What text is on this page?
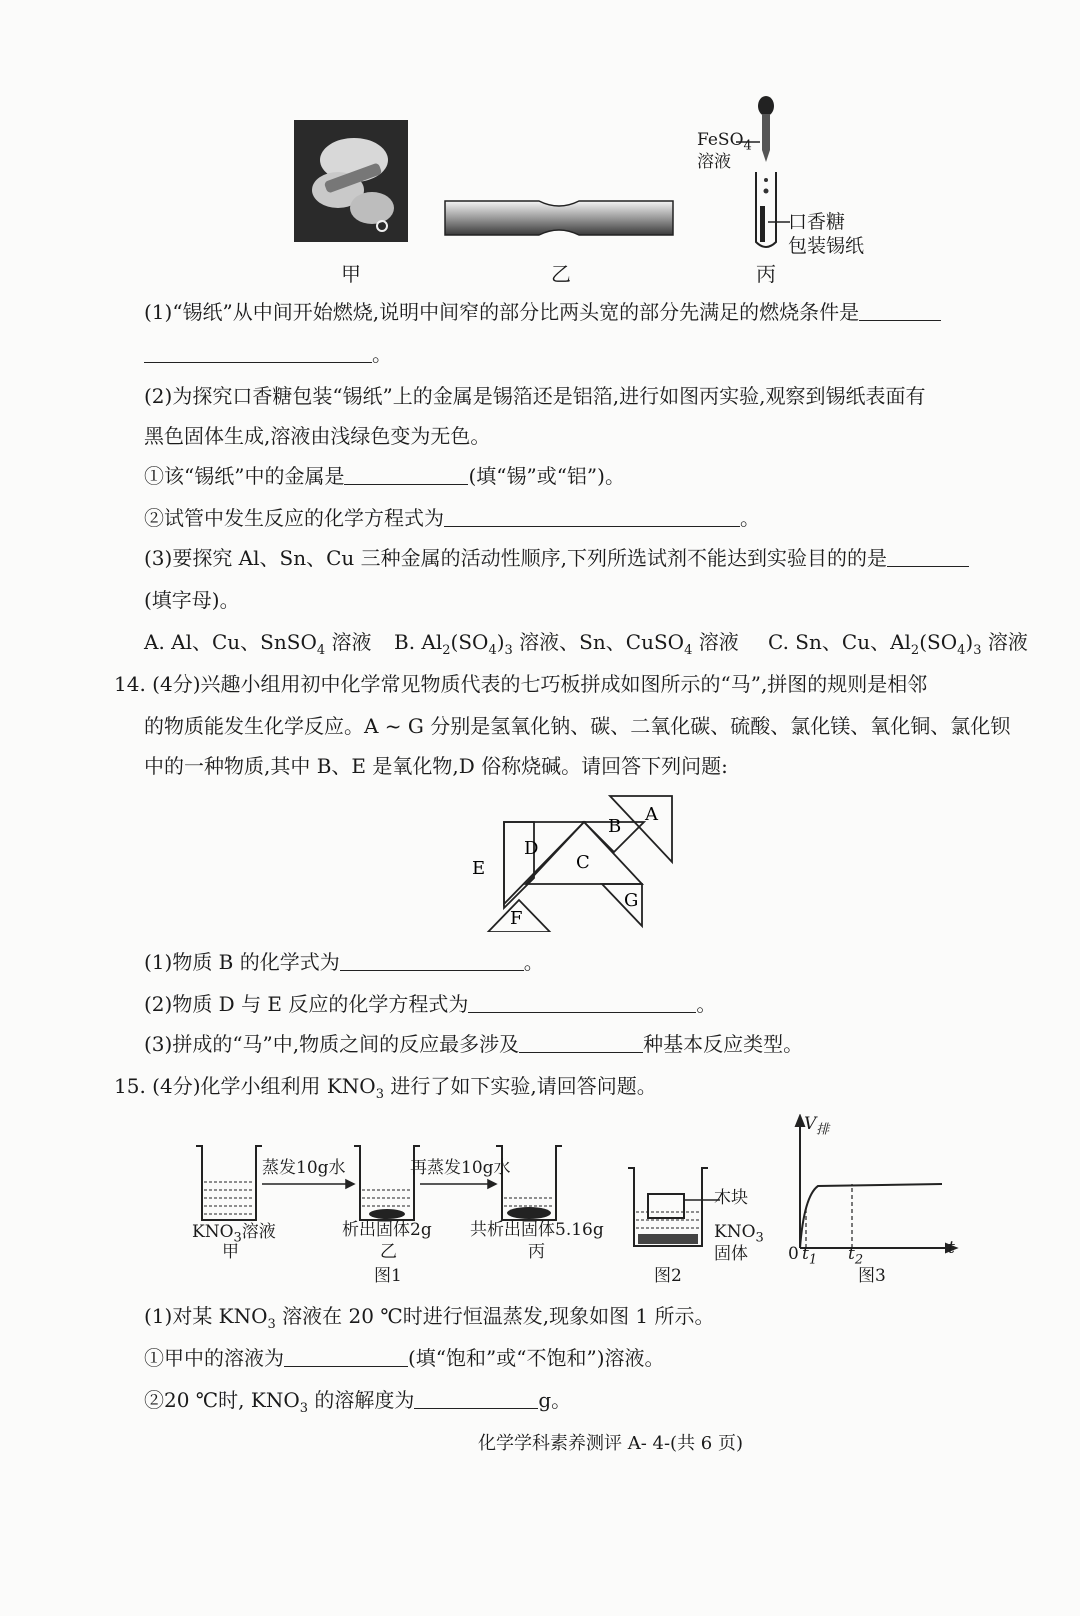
甲	乙
FeSO$_4$
溶液
口香糖
包装锡纸
丙
(1)“锡纸”从中间开始燃烧,说明中间窄的部分比两头宽的部分先满足的燃烧条件是
。
(2)为探究口香糖包装“锡纸”上的金属是锡箔还是铝箔,进行如图丙实验,观察到锡纸表面有
黑色固体生成,溶液由浅绿色变为无色。
①该“锡纸”中的金属是	(填“锡”或“铝”)。
②试管中发生反应的化学方程式为	。
(3)要探究 Al、Sn、Cu 三种金属的活动性顺序,下列所选试剂不能达到实验目的的是
(填字母)。
A. Al、Cu、SnSO$_4$ 溶液 B. $Al_2(SO_4)_3$ 溶液、Sn、CuSO$_4$ 溶液 C. Sn、Cu、$Al_2(SO_4)_3$ 溶液
14. (4分)兴趣小组用初中化学常见物质代表的七巧板拼成如图所示的“马”,拼图的规则是相邻
的物质能发生化学反应。A ~ G 分别是氢氧化钠、碳、二氧化碳、硫酸、氯化镁、氧化铜、氯化钡
中的一种物质,其中 B、E 是氧化物,D 俗称烧碱。请回答下列问题:
A
B
C
D
E
F
G
(1)物质 B 的化学式为	。
(2)物质 D 与 E 反应的化学方程式为	。
(3)拼成的“马”中,物质之间的反应最多涉及	种基本反应类型。
15. (4分)化学小组利用 $KNO_3$ 进行了如下实验,请回答问题。
蒸发10g水	再蒸发10g水
$KNO_3$溶液
甲
析出固体2g
乙
共析出固体5.16g
丙
图1
木块
$KNO_3$
固体
图2
$V_排$
0 $t_1$ $t_2$
t
图3
(1)对某 $KNO_3$ 溶液在 20 ℃时进行恒温蒸发,现象如图 1 所示。
①甲中的溶液为	(填“饱和”或“不饱和”)溶液。
②20 ℃时, $KNO_3$ 的溶解度为	g。
化学学科素养测评 A- 4-(共 6 页)
